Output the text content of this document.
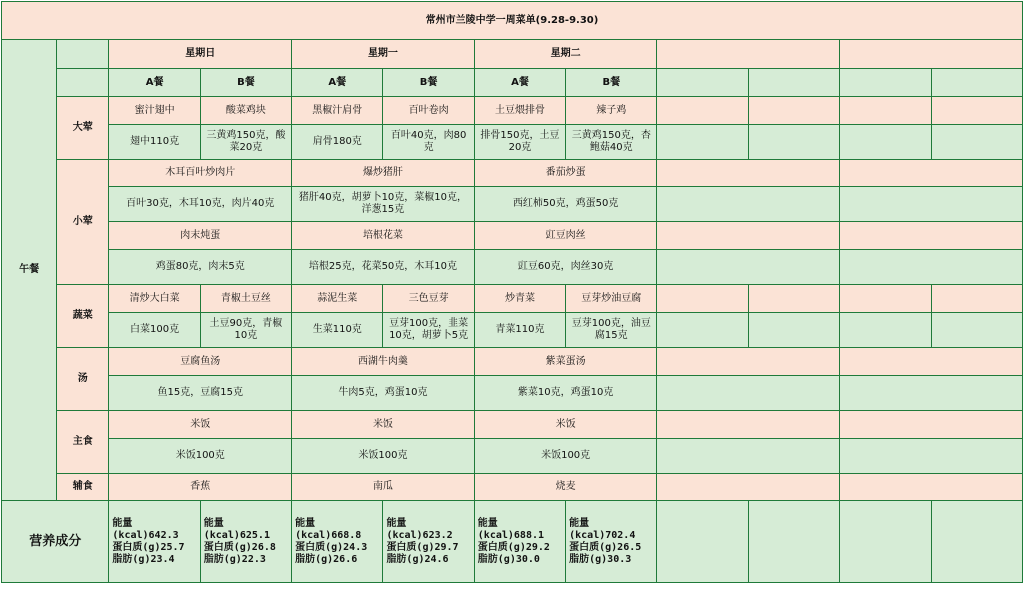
常州市兰陵中学一周菜单(9.28-9.30)											
午餐		星期日		星期一		星期二					
		A餐	B餐	A餐	B餐	A餐	B餐				
	大荤	蜜汁翅中	酸菜鸡块	黑椒汁肩骨	百叶卷肉	土豆煨排骨	辣子鸡				
		翅中110克	三黄鸡150克，酸菜20克	肩骨180克	百叶40克，肉80克	排骨150克，土豆20克	三黄鸡150克，杏鲍菇40克				
	小荤	木耳百叶炒肉片		爆炒猪肝		番茄炒蛋					
		百叶30克，木耳10克，肉片40克		猪肝40克，胡萝卜10克，菜椒10克，洋葱15克		西红柿50克，鸡蛋50克					
		肉末炖蛋		培根花菜		豇豆肉丝					
		鸡蛋80克，肉末5克		培根25克，花菜50克，木耳10克		豇豆60克，肉丝30克					
	蔬菜	清炒大白菜	青椒土豆丝	蒜泥生菜	三色豆芽	炒青菜	豆芽炒油豆腐				
		白菜100克	土豆90克，青椒10克	生菜110克	豆芽100克，韭菜10克，胡萝卜5克	青菜110克	豆芽100克，油豆腐15克				
	汤	豆腐鱼汤		西湖牛肉羹		紫菜蛋汤					
		鱼15克，豆腐15克		牛肉5克，鸡蛋10克		紫菜10克，鸡蛋10克					
	主食	米饭		米饭		米饭					
		米饭100克		米饭100克		米饭100克					
	辅食	香蕉		南瓜		烧麦					
营养成分		能量
(kcal)642.3
蛋白质(g)25.7
脂肪(g)23.4	能量
(kcal)625.1
蛋白质(g)26.8
脂肪(g)22.3	能量
(kcal)668.8
蛋白质(g)24.3
脂肪(g)26.6	能量
(kcal)623.2
蛋白质(g)29.7
脂肪(g)24.6	能量
(kcal)688.1
蛋白质(g)29.2
脂肪(g)30.0	能量
(kcal)702.4
蛋白质(g)26.5
脂肪(g)30.3				
